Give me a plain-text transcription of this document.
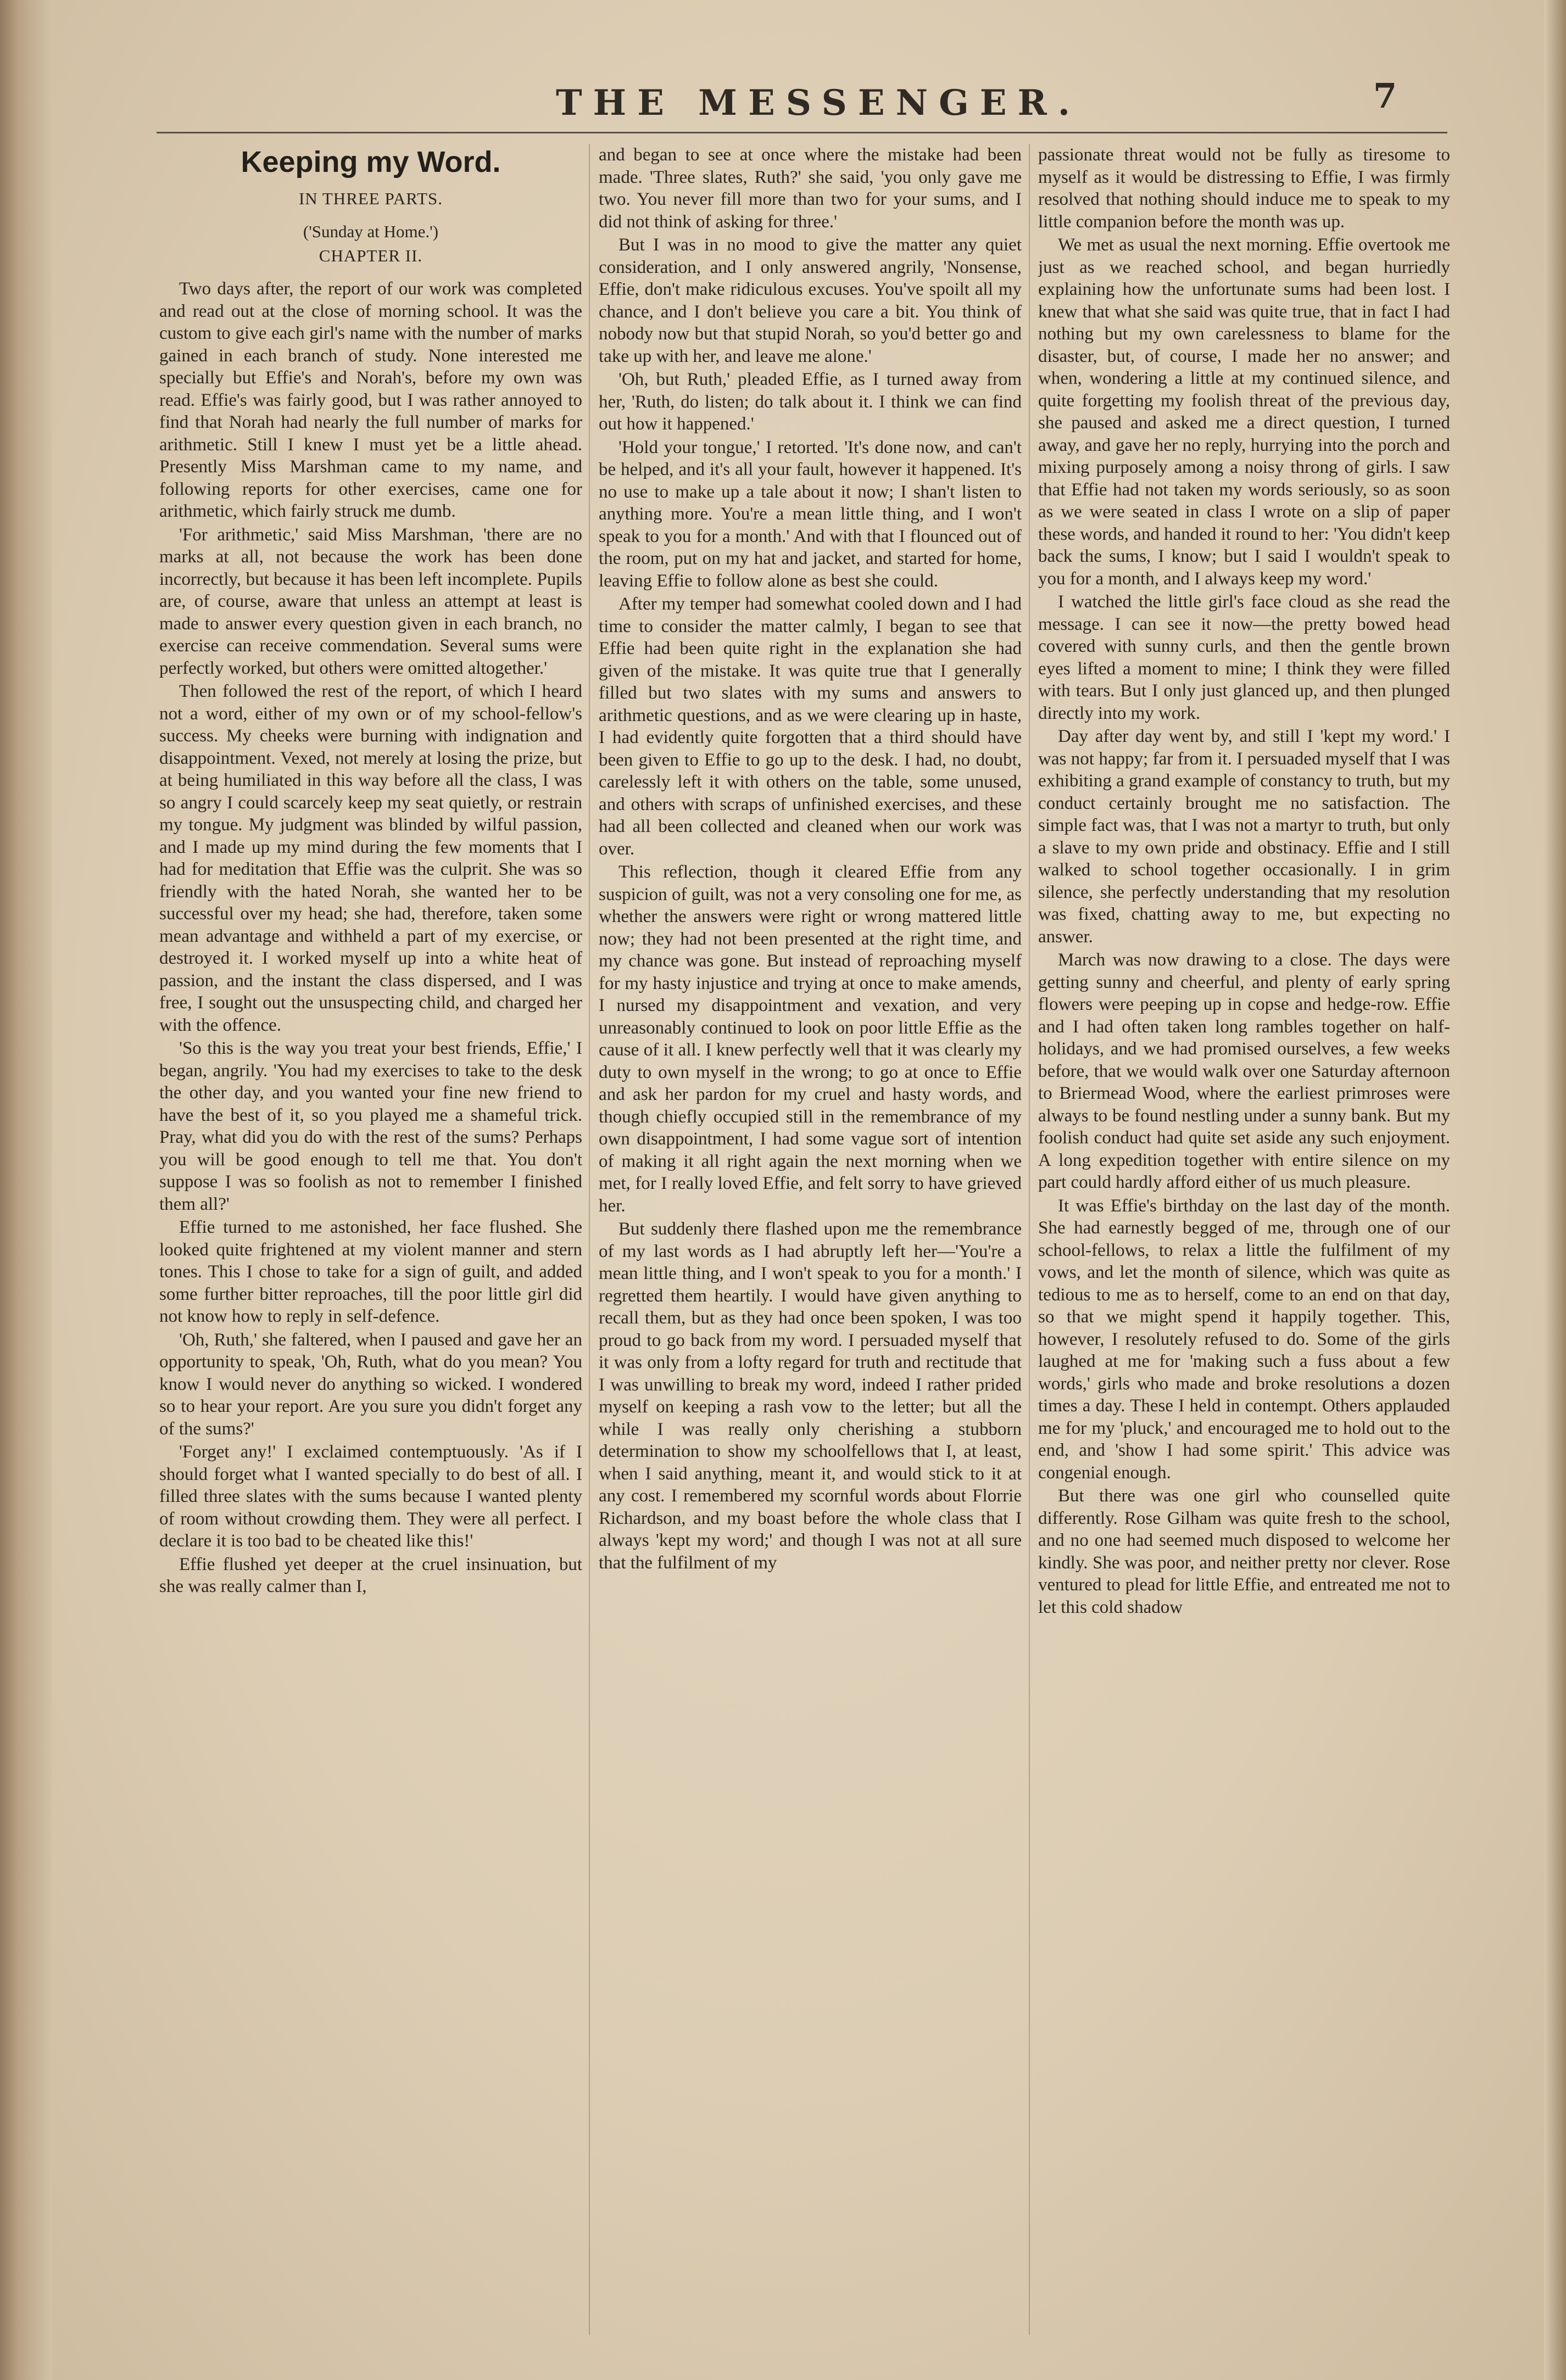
THE MESSENGER.	7
Keeping my Word.
IN THREE PARTS.
('Sunday at Home.')
CHAPTER II.

Two days after, the report of our work was completed and read out at the close of morning school. It was the custom to give each girl's name with the number of marks gained in each branch of study. None interested me specially but Effie's and Norah's, before my own was read. Effie's was fairly good, but I was rather annoyed to find that Norah had nearly the full number of marks for arithmetic. Still I knew I must yet be a little ahead. Presently Miss Marshman came to my name, and following reports for other exercises, came one for arithmetic, which fairly struck me dumb.

'For arithmetic,' said Miss Marshman, 'there are no marks at all, not because the work has been done incorrectly, but because it has been left incomplete. Pupils are, of course, aware that unless an attempt at least is made to answer every question given in each branch, no exercise can receive commendation. Several sums were perfectly worked, but others were omitted altogether.'

Then followed the rest of the report, of which I heard not a word, either of my own or of my school-fellow's success. My cheeks were burning with indignation and disappointment. Vexed, not merely at losing the prize, but at being humiliated in this way before all the class, I was so angry I could scarcely keep my seat quietly, or restrain my tongue. My judgment was blinded by wilful passion, and I made up my mind during the few moments that I had for meditation that Effie was the culprit. She was so friendly with the hated Norah, she wanted her to be successful over my head; she had, therefore, taken some mean advantage and withheld a part of my exercise, or destroyed it. I worked myself up into a white heat of passion, and the instant the class dispersed, and I was free, I sought out the unsuspecting child, and charged her with the offence.

'So this is the way you treat your best friends, Effie,' I began, angrily. 'You had my exercises to take to the desk the other day, and you wanted your fine new friend to have the best of it, so you played me a shameful trick. Pray, what did you do with the rest of the sums? Perhaps you will be good enough to tell me that. You don't suppose I was so foolish as not to remember I finished them all?'

Effie turned to me astonished, her face flushed. She looked quite frightened at my violent manner and stern tones. This I chose to take for a sign of guilt, and added some further bitter reproaches, till the poor little girl did not know how to reply in self-defence.

'Oh, Ruth,' she faltered, when I paused and gave her an opportunity to speak, 'Oh, Ruth, what do you mean? You know I would never do anything so wicked. I wondered so to hear your report. Are you sure you didn't forget any of the sums?'

'Forget any!' I exclaimed contemptuously. 'As if I should forget what I wanted specially to do best of all. I filled three slates with the sums because I wanted plenty of room without crowding them. They were all perfect. I declare it is too bad to be cheated like this!'

Effie flushed yet deeper at the cruel insinuation, but she was really calmer than I,

and began to see at once where the mistake had been made. 'Three slates, Ruth?' she said, 'you only gave me two. You never fill more than two for your sums, and I did not think of asking for three.'

But I was in no mood to give the matter any quiet consideration, and I only answered angrily, 'Nonsense, Effie, don't make ridiculous excuses. You've spoilt all my chance, and I don't believe you care a bit. You think of nobody now but that stupid Norah, so you'd better go and take up with her, and leave me alone.'

'Oh, but Ruth,' pleaded Effie, as I turned away from her, 'Ruth, do listen; do talk about it. I think we can find out how it happened.'

'Hold your tongue,' I retorted. 'It's done now, and can't be helped, and it's all your fault, however it happened. It's no use to make up a tale about it now; I shan't listen to anything more. You're a mean little thing, and I won't speak to you for a month.' And with that I flounced out of the room, put on my hat and jacket, and started for home, leaving Effie to follow alone as best she could.

After my temper had somewhat cooled down and I had time to consider the matter calmly, I began to see that Effie had been quite right in the explanation she had given of the mistake. It was quite true that I generally filled but two slates with my sums and answers to arithmetic questions, and as we were clearing up in haste, I had evidently quite forgotten that a third should have been given to Effie to go up to the desk. I had, no doubt, carelessly left it with others on the table, some unused, and others with scraps of unfinished exercises, and these had all been collected and cleaned when our work was over.

This reflection, though it cleared Effie from any suspicion of guilt, was not a very consoling one for me, as whether the answers were right or wrong mattered little now; they had not been presented at the right time, and my chance was gone. But instead of reproaching myself for my hasty injustice and trying at once to make amends, I nursed my disappointment and vexation, and very unreasonably continued to look on poor little Effie as the cause of it all. I knew perfectly well that it was clearly my duty to own myself in the wrong; to go at once to Effie and ask her pardon for my cruel and hasty words, and though chiefly occupied still in the remembrance of my own disappointment, I had some vague sort of intention of making it all right again the next morning when we met, for I really loved Effie, and felt sorry to have grieved her.

But suddenly there flashed upon me the remembrance of my last words as I had abruptly left her—'You're a mean little thing, and I won't speak to you for a month.' I regretted them heartily. I would have given anything to recall them, but as they had once been spoken, I was too proud to go back from my word. I persuaded myself that it was only from a lofty regard for truth and rectitude that I was unwilling to break my word, indeed I rather prided myself on keeping a rash vow to the letter; but all the while I was really only cherishing a stubborn determination to show my schoolfellows that I, at least, when I said anything, meant it, and would stick to it at any cost. I remembered my scornful words about Florrie Richardson, and my boast before the whole class that I always 'kept my word;' and though I was not at all sure that the fulfilment of my

passionate threat would not be fully as tiresome to myself as it would be distressing to Effie, I was firmly resolved that nothing should induce me to speak to my little companion before the month was up.

We met as usual the next morning. Effie overtook me just as we reached school, and began hurriedly explaining how the unfortunate sums had been lost. I knew that what she said was quite true, that in fact I had nothing but my own carelessness to blame for the disaster, but, of course, I made her no answer; and when, wondering a little at my continued silence, and quite forgetting my foolish threat of the previous day, she paused and asked me a direct question, I turned away, and gave her no reply, hurrying into the porch and mixing purposely among a noisy throng of girls. I saw that Effie had not taken my words seriously, so as soon as we were seated in class I wrote on a slip of paper these words, and handed it round to her: 'You didn't keep back the sums, I know; but I said I wouldn't speak to you for a month, and I always keep my word.'

I watched the little girl's face cloud as she read the message. I can see it now—the pretty bowed head covered with sunny curls, and then the gentle brown eyes lifted a moment to mine; I think they were filled with tears. But I only just glanced up, and then plunged directly into my work.

Day after day went by, and still I 'kept my word.' I was not happy; far from it. I persuaded myself that I was exhibiting a grand example of constancy to truth, but my conduct certainly brought me no satisfaction. The simple fact was, that I was not a martyr to truth, but only a slave to my own pride and obstinacy. Effie and I still walked to school together occasionally. I in grim silence, she perfectly understanding that my resolution was fixed, chatting away to me, but expecting no answer.

March was now drawing to a close. The days were getting sunny and cheerful, and plenty of early spring flowers were peeping up in copse and hedge-row. Effie and I had often taken long rambles together on half-holidays, and we had promised ourselves, a few weeks before, that we would walk over one Saturday afternoon to Briermead Wood, where the earliest primroses were always to be found nestling under a sunny bank. But my foolish conduct had quite set aside any such enjoyment. A long expedition together with entire silence on my part could hardly afford either of us much pleasure.

It was Effie's birthday on the last day of the month. She had earnestly begged of me, through one of our school-fellows, to relax a little the fulfilment of my vows, and let the month of silence, which was quite as tedious to me as to herself, come to an end on that day, so that we might spend it happily together. This, however, I resolutely refused to do. Some of the girls laughed at me for 'making such a fuss about a few words,' girls who made and broke resolutions a dozen times a day. These I held in contempt. Others applauded me for my 'pluck,' and encouraged me to hold out to the end, and 'show I had some spirit.' This advice was congenial enough.

But there was one girl who counselled quite differently. Rose Gilham was quite fresh to the school, and no one had seemed much disposed to welcome her kindly. She was poor, and neither pretty nor clever. Rose ventured to plead for little Effie, and entreated me not to let this cold shadow
